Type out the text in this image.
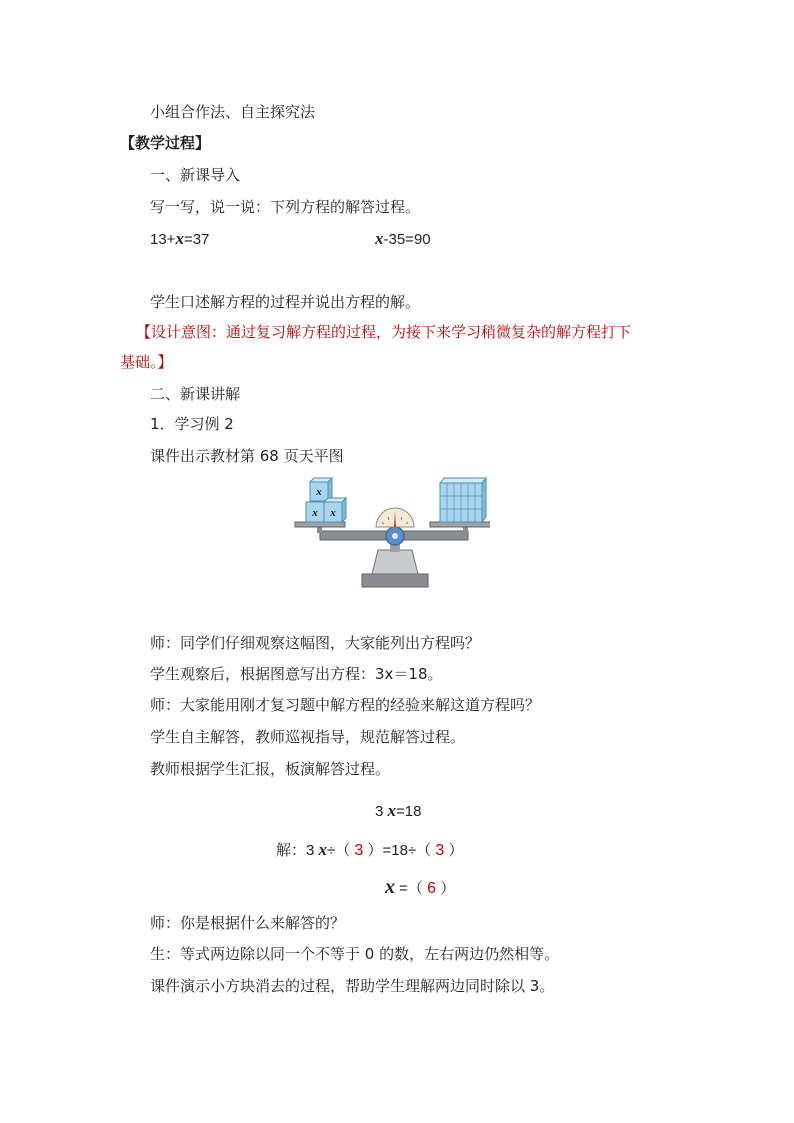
小组合作法、自主探究法
【教学过程】
一、新课导入
写一写，说一说：下列方程的解答过程。
13+x=37	x-35=90
学生口述解方程的过程并说出方程的解。
【设计意图：通过复习解方程的过程，为接下来学习稍微复杂的解方程打下
基础。】
二、新课讲解
1．学习例 2
课件出示教材第 68 页天平图
x
x x
师：同学们仔细观察这幅图，大家能列出方程吗？
学生观察后，根据图意写出方程：3x＝18。
师：大家能用刚才复习题中解方程的经验来解这道方程吗？
学生自主解答，教师巡视指导，规范解答过程。
教师根据学生汇报，板演解答过程。
3 x=18
解：3 x÷（ 3 ）=18÷（ 3 ）
x =（ 6 ）
师：你是根据什么来解答的？
生：等式两边除以同一个不等于 0 的数，左右两边仍然相等。
课件演示小方块消去的过程，帮助学生理解两边同时除以 3。
